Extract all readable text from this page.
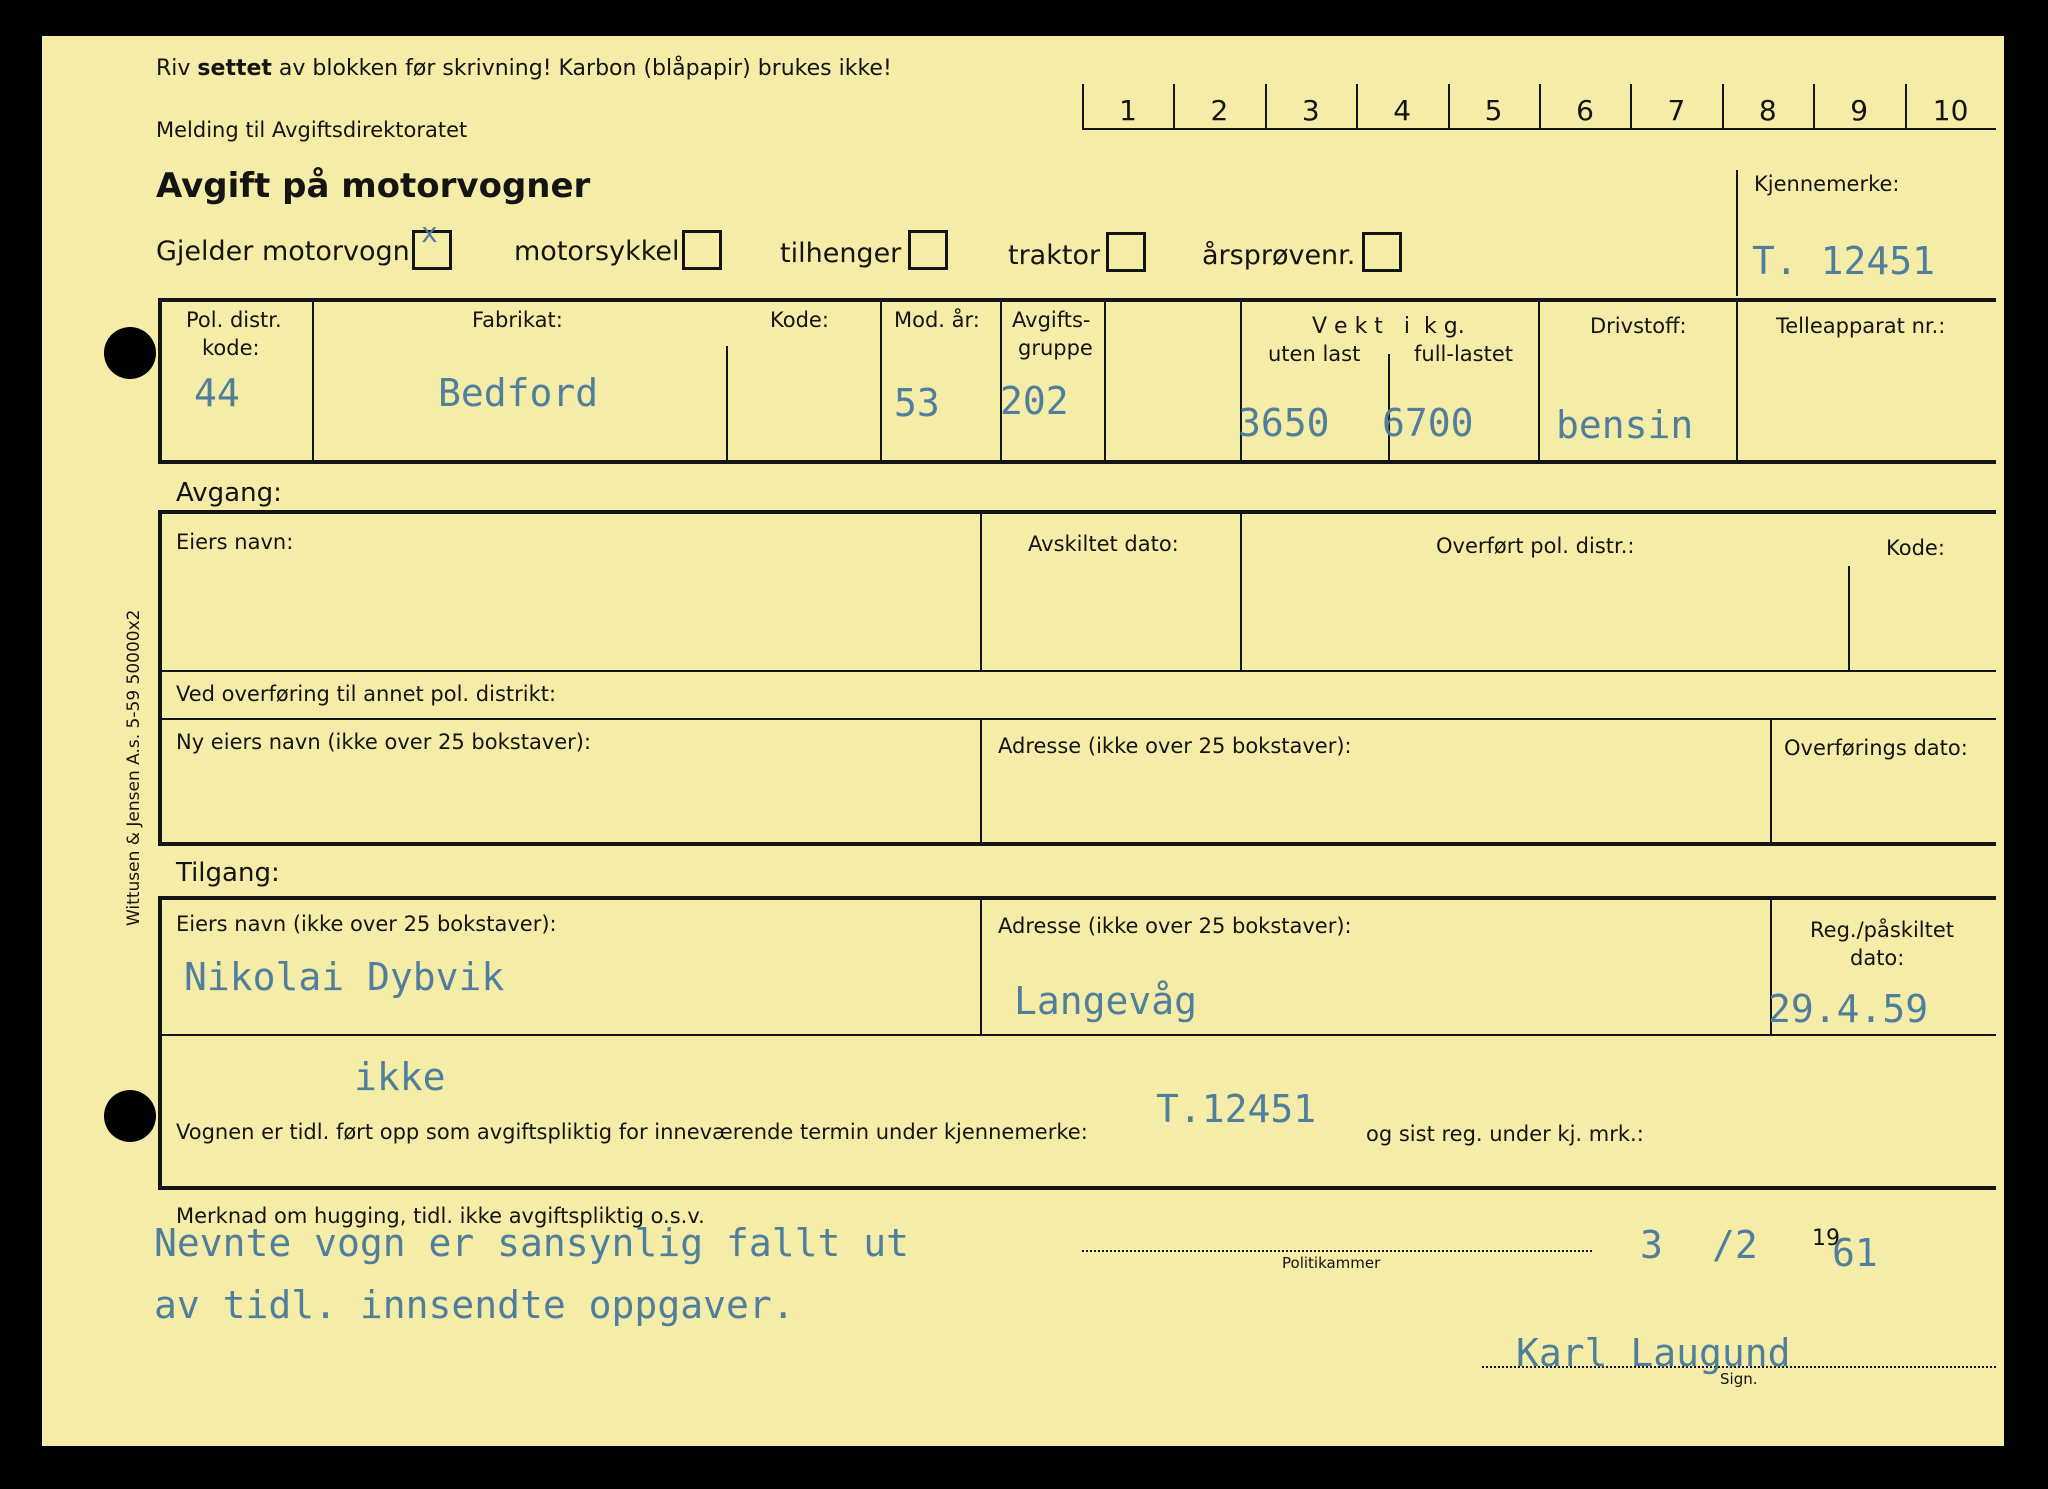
Wittusen & Jensen A.s. 5-59 50000x2
Riv settet av blokken før skrivning! Karbon (blåpapir) brukes ikke!
Melding til Avgiftsdirektoratet
Avgift på motorvogner
1	2	3	4	5	6	7	8	9	10
Gjelder motorvogn
x
motorsykkel	tilhenger	traktor	årsprøvenr.
Kjennemerke:
T. 12451
Pol. distr.
kode:
44
Fabrikat:
Bedford
Kode:	Mod. år:
53
Avgifts-
gruppe
202
V e k t   i  k g.
uten last	full-lastet
3650 6700
Drivstoff:
bensin
Telleapparat nr.:
Avgang:
Eiers navn:	Avskiltet dato:	Overført pol. distr.:	Kode:
Ved overføring til annet pol. distrikt:
Ny eiers navn (ikke over 25 bokstaver):	Adresse (ikke over 25 bokstaver):	Overførings dato:
Tilgang:
Eiers navn (ikke over 25 bokstaver):
Nikolai Dybvik
Adresse (ikke over 25 bokstaver):
Langevåg
Reg./påskiltet
dato:
29.4.59
ikke
Vognen er tidl. ført opp som avgiftspliktig for inneværende termin under kjennemerke:
T.12451
og sist reg. under kj. mrk.:
Merknad om hugging, tidl. ikke avgiftspliktig o.s.v.
Nevnte vogn er sansynlig fallt ut
av tidl. innsendte oppgaver.
Politikammer	3 /2 19
61
Karl Laugund
Sign.
